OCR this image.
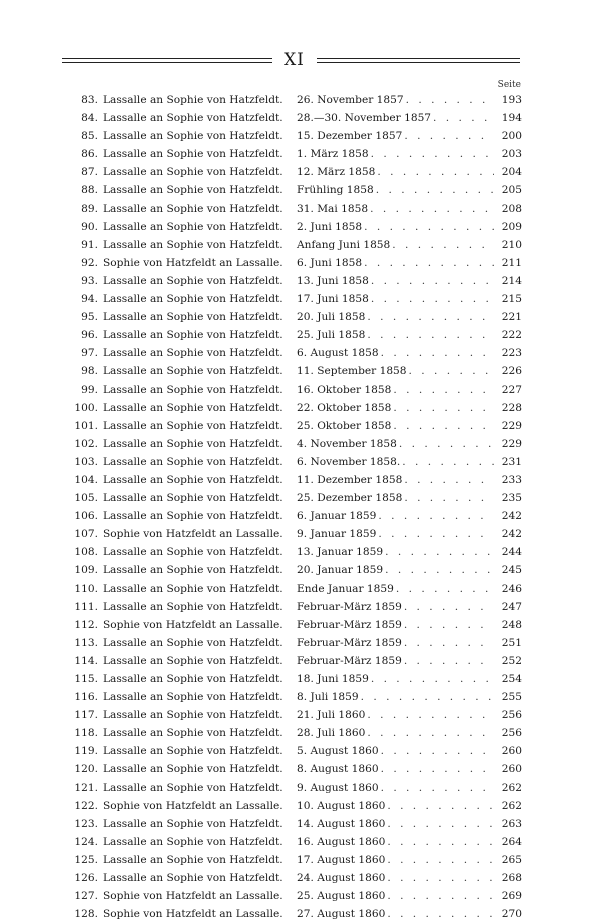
XI
Seite
83. Lassalle an Sophie von Hatzfeldt.	26. November 1857 . . .	193
84. Lassalle an Sophie von Hatzfeldt.	28.—30. November 1857 . . .	194
85. Lassalle an Sophie von Hatzfeldt.	15. Dezember 1857 . . .	200
86. Lassalle an Sophie von Hatzfeldt.	1. März 1858 . . .	203
87. Lassalle an Sophie von Hatzfeldt.	12. März 1858 . . .	204
88. Lassalle an Sophie von Hatzfeldt.	Frühling 1858 . . .	205
89. Lassalle an Sophie von Hatzfeldt.	31. Mai 1858 . . .	208
90. Lassalle an Sophie von Hatzfeldt.	2. Juni 1858 . . .	209
91. Lassalle an Sophie von Hatzfeldt.	Anfang Juni 1858 . . .	210
92. Sophie von Hatzfeldt an Lassalle.	6. Juni 1858 . . .	211
93. Lassalle an Sophie von Hatzfeldt.	13. Juni 1858 . . .	214
94. Lassalle an Sophie von Hatzfeldt.	17. Juni 1858 . . .	215
95. Lassalle an Sophie von Hatzfeldt.	20. Juli 1858 . . .	221
96. Lassalle an Sophie von Hatzfeldt.	25. Juli 1858 . . .	222
97. Lassalle an Sophie von Hatzfeldt.	6. August 1858 . . .	223
98. Lassalle an Sophie von Hatzfeldt.	11. September 1858 . . .	226
99. Lassalle an Sophie von Hatzfeldt.	16. Oktober 1858 . . .	227
100. Lassalle an Sophie von Hatzfeldt.	22. Oktober 1858 . . .	228
101. Lassalle an Sophie von Hatzfeldt.	25. Oktober 1858 . . .	229
102. Lassalle an Sophie von Hatzfeldt.	4. November 1858 . . .	229
103. Lassalle an Sophie von Hatzfeldt.	6. November 1858. . . .	231
104. Lassalle an Sophie von Hatzfeldt.	11. Dezember 1858 . . .	233
105. Lassalle an Sophie von Hatzfeldt.	25. Dezember 1858 . . .	235
106. Lassalle an Sophie von Hatzfeldt.	6. Januar 1859 . . .	242
107. Sophie von Hatzfeldt an Lassalle.	9. Januar 1859 . . .	242
108. Lassalle an Sophie von Hatzfeldt.	13. Januar 1859 . . .	244
109. Lassalle an Sophie von Hatzfeldt.	20. Januar 1859 . . .	245
110. Lassalle an Sophie von Hatzfeldt.	Ende Januar 1859 . . .	246
111. Lassalle an Sophie von Hatzfeldt.	Februar-März 1859 . . .	247
112. Sophie von Hatzfeldt an Lassalle.	Februar-März 1859 . . .	248
113. Lassalle an Sophie von Hatzfeldt.	Februar-März 1859 . . .	251
114. Lassalle an Sophie von Hatzfeldt.	Februar-März 1859 . . .	252
115. Lassalle an Sophie von Hatzfeldt.	18. Juni 1859 . . .	254
116. Lassalle an Sophie von Hatzfeldt.	8. Juli 1859 . . .	255
117. Lassalle an Sophie von Hatzfeldt.	21. Juli 1860 . . .	256
118. Lassalle an Sophie von Hatzfeldt.	28. Juli 1860 . . .	256
119. Lassalle an Sophie von Hatzfeldt.	5. August 1860 . . .	260
120. Lassalle an Sophie von Hatzfeldt.	8. August 1860 . . .	260
121. Lassalle an Sophie von Hatzfeldt.	9. August 1860 . . .	262
122. Sophie von Hatzfeldt an Lassalle.	10. August 1860 . . .	262
123. Lassalle an Sophie von Hatzfeldt.	14. August 1860 . . .	263
124. Lassalle an Sophie von Hatzfeldt.	16. August 1860 . . .	264
125. Lassalle an Sophie von Hatzfeldt.	17. August 1860 . . .	265
126. Lassalle an Sophie von Hatzfeldt.	24. August 1860 . . .	268
127. Sophie von Hatzfeldt an Lassalle.	25. August 1860 . . .	269
128. Sophie von Hatzfeldt an Lassalle.	27. August 1860 . . .	270
